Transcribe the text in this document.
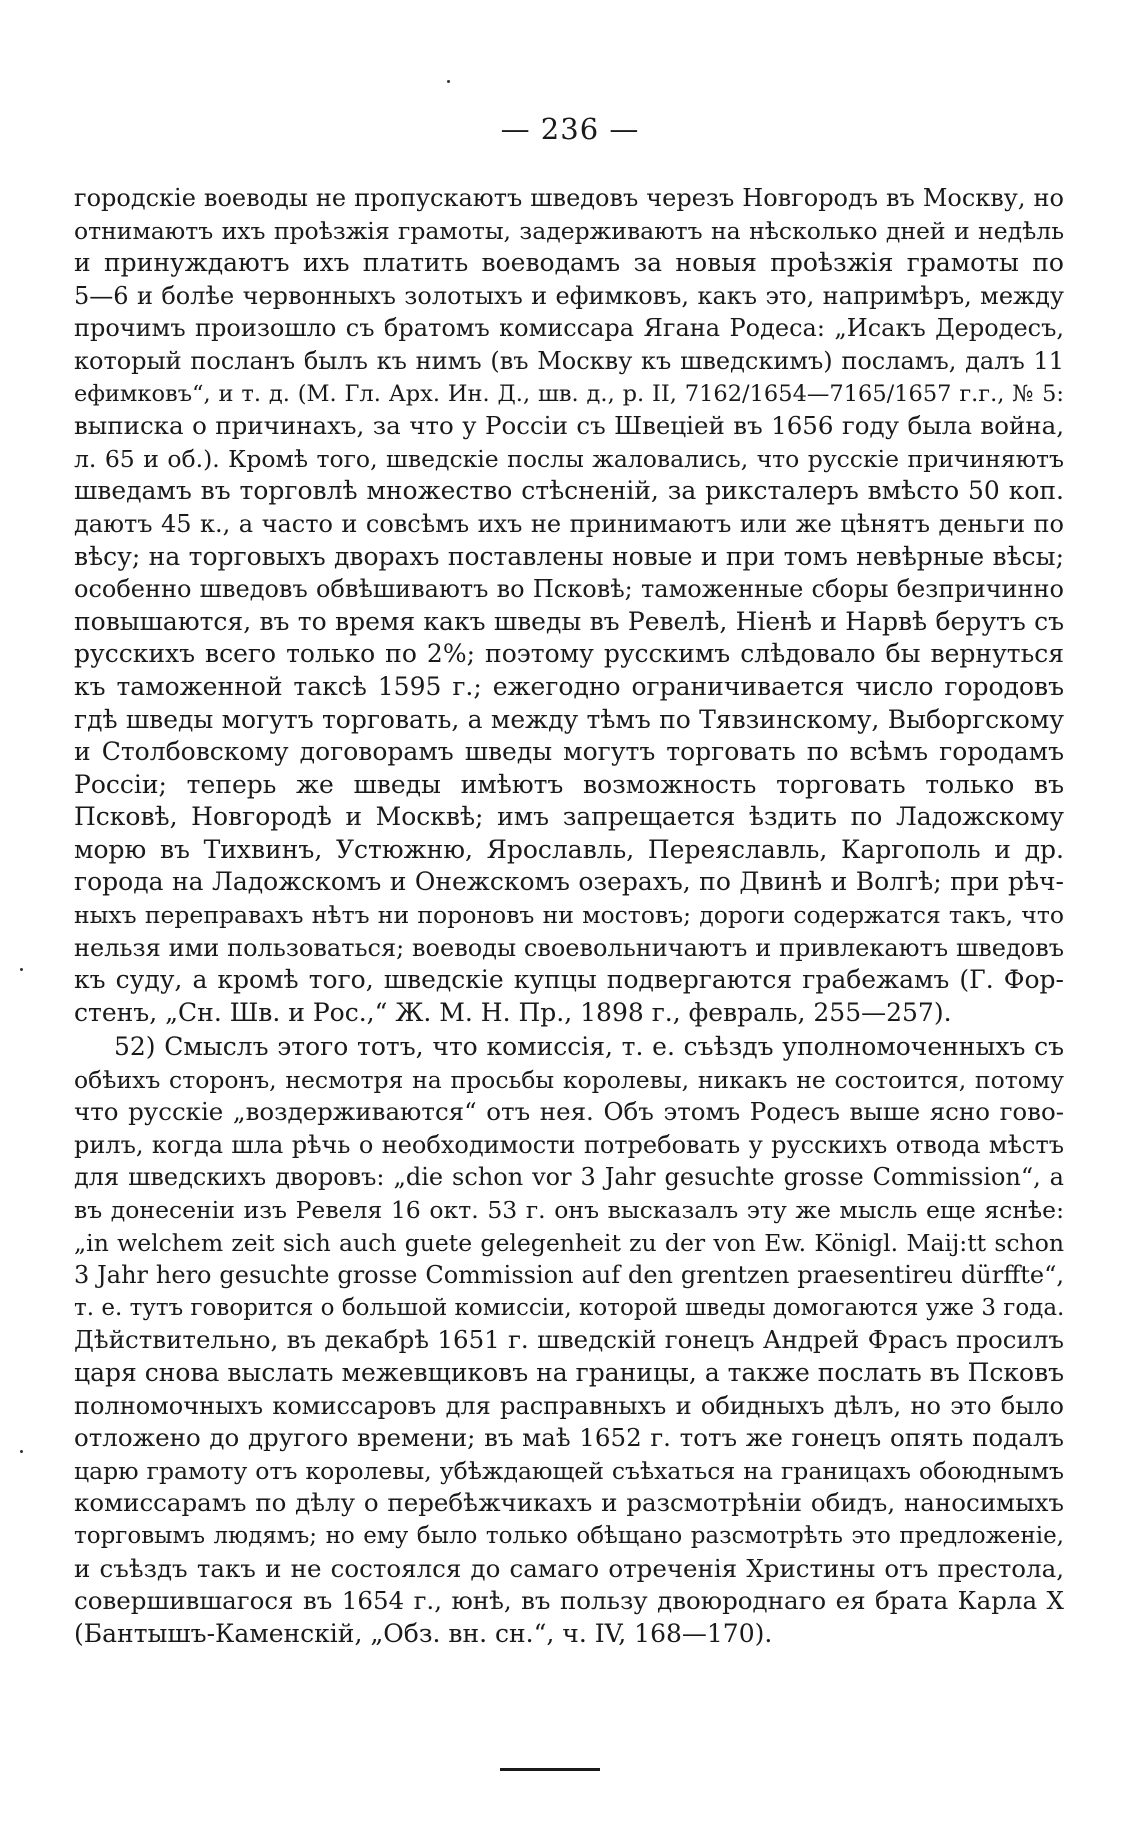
— 236 —
городскіе воеводы не пропускаютъ шведовъ черезъ Новгородъ въ Москву, но
отнимаютъ ихъ проѣзжія грамоты, задерживаютъ на нѣсколько дней и недѣль
и принуждаютъ ихъ платить воеводамъ за новыя проѣзжія грамоты по
5—6 и болѣе червонныхъ золотыхъ и ефимковъ, какъ это, напримѣръ, между
прочимъ произошло съ братомъ комиссара Ягана Родеса: „Исакъ Деродесъ,
который посланъ былъ къ нимъ (въ Москву къ шведскимъ) посламъ, далъ 11
ефимковъ“, и т. д. (М. Гл. Арх. Ин. Д., шв. д., р. II, 7162/1654—7165/1657 г.г., № 5:
выписка о причинахъ, за что у Россіи съ Швеціей въ 1656 году была война,
л. 65 и об.). Кромѣ того, шведскіе послы жаловались, что русскіе причиняютъ
шведамъ въ торговлѣ множество стѣсненій, за риксталеръ вмѣсто 50 коп.
даютъ 45 к., а часто и совсѣмъ ихъ не принимаютъ или же цѣнятъ деньги по
вѣсу; на торговыхъ дворахъ поставлены новые и при томъ невѣрные вѣсы;
особенно шведовъ обвѣшиваютъ во Псковѣ; таможенные сборы безпричинно
повышаются, въ то время какъ шведы въ Ревелѣ, Ніенѣ и Нарвѣ берутъ съ
русскихъ всего только по 2%; поэтому русскимъ слѣдовало бы вернуться
къ таможенной таксѣ 1595 г.; ежегодно ограничивается число городовъ
гдѣ шведы могутъ торговать, а между тѣмъ по Тявзинскому, Выборгскому
и Столбовскому договорамъ шведы могутъ торговать по всѣмъ городамъ
Россіи; теперь же шведы имѣютъ возможность торговать только въ
Псковѣ, Новгородѣ и Москвѣ; имъ запрещается ѣздить по Ладожскому
морю въ Тихвинъ, Устюжню, Ярославль, Переяславль, Каргополь и др.
города на Ладожскомъ и Онежскомъ озерахъ, по Двинѣ и Волгѣ; при рѣч-
ныхъ переправахъ нѣтъ ни пороновъ ни мостовъ; дороги содержатся такъ, что
нельзя ими пользоваться; воеводы своевольничаютъ и привлекаютъ шведовъ
къ суду, а кромѣ того, шведскіе купцы подвергаются грабежамъ (Г. Фор-
стенъ, „Сн. Шв. и Рос.,“ Ж. М. Н. Пр., 1898 г., февраль, 255—257).
52) Смыслъ этого тотъ, что комиссія, т. е. съѣздъ уполномоченныхъ съ
обѣихъ сторонъ, несмотря на просьбы королевы, никакъ не состоится, потому
что русскіе „воздерживаются“ отъ нея. Объ этомъ Родесъ выше ясно гово-
рилъ, когда шла рѣчь о необходимости потребовать у русскихъ отвода мѣстъ
для шведскихъ дворовъ: „die schon vor 3 Jahr gesuchte grosse Commission“, а
въ донесеніи изъ Ревеля 16 окт. 53 г. онъ высказалъ эту же мысль еще яснѣе:
„in welchem zeit sich auch guete gelegenheit zu der von Ew. Königl. Maij:tt schon
3 Jahr hero gesuchte grosse Commission auf den grentzen praesentireu dürffte“,
т. е. тутъ говорится о большой комиссіи, которой шведы домогаются уже 3 года.
Дѣйствительно, въ декабрѣ 1651 г. шведскій гонецъ Андрей Фрасъ просилъ
царя снова выслать межевщиковъ на границы, а также послать въ Псковъ
полномочныхъ комиссаровъ для расправныхъ и обидныхъ дѣлъ, но это было
отложено до другого времени; въ маѣ 1652 г. тотъ же гонецъ опять подалъ
царю грамоту отъ королевы, убѣждающей съѣхаться на границахъ обоюднымъ
комиссарамъ по дѣлу о перебѣжчикахъ и разсмотрѣніи обидъ, наносимыхъ
торговымъ людямъ; но ему было только обѣщано разсмотрѣть это предложеніе,
и съѣздъ такъ и не состоялся до самаго отреченія Христины отъ престола,
совершившагося въ 1654 г., юнѣ, въ пользу двоюроднаго ея брата Карла X
(Бантышъ-Каменскій, „Обз. вн. сн.“, ч. IV, 168—170).
